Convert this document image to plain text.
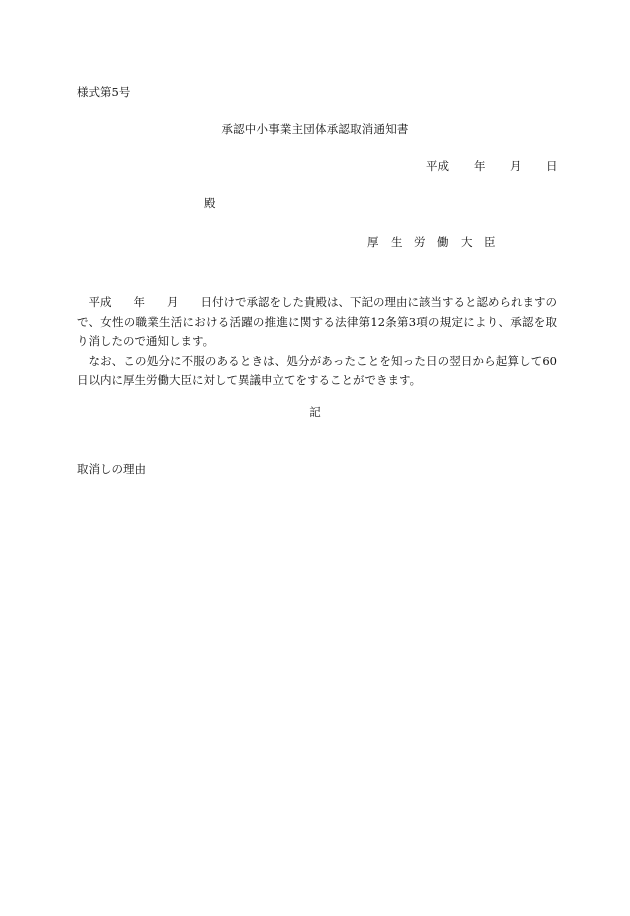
様式第5号
承認中小事業主団体承認取消通知書
平成 年 月 日
殿
厚 生 労 働 大 臣

平成 年 月 日付けで承認をした貴殿は、下記の理由に該当すると認められますので、女性の職業生活における活躍の推進に関する法律第12条第3項の規定により、承認を取り消したので通知します。

なお、この処分に不服のあるときは、処分があったことを知った日の翌日から起算して60日以内に厚生労働大臣に対して異議申立てをすることができます。

記
取消しの理由
